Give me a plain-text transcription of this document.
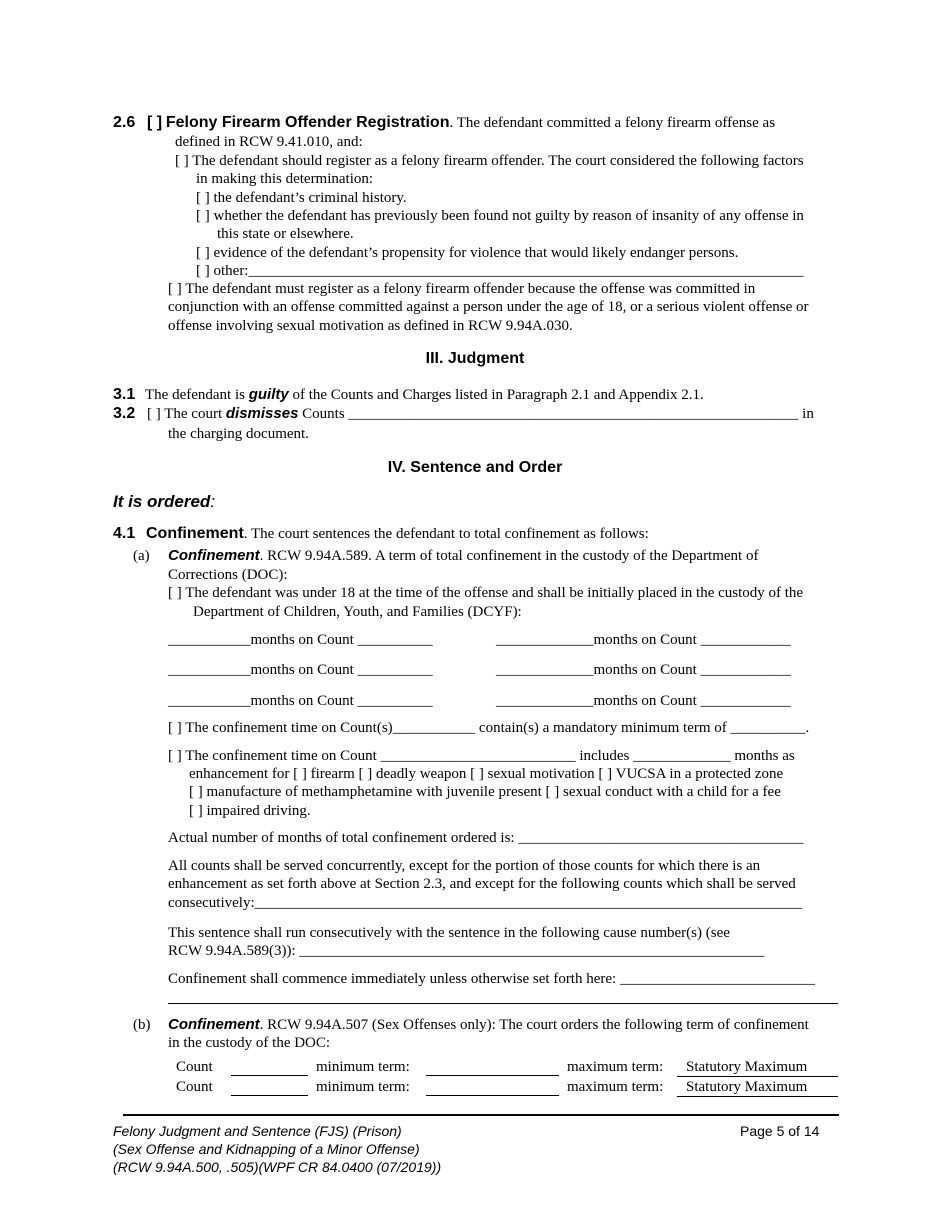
2.6 [ ] Felony Firearm Offender Registration. The defendant committed a felony firearm offense as
defined in RCW 9.41.010, and:
[ ] The defendant should register as a felony firearm offender. The court considered the following factors
in making this determination:
[ ] the defendant’s criminal history.
[ ] whether the defendant has previously been found not guilty by reason of insanity of any offense in
this state or elsewhere.
[ ] evidence of the defendant’s propensity for violence that would likely endanger persons.
[ ] other:__________________________________________________________________________
[ ] The defendant must register as a felony firearm offender because the offense was committed in
conjunction with an offense committed against a person under the age of 18, or a serious violent offense or
offense involving sexual motivation as defined in RCW 9.94A.030.
III. Judgment
3.1 The defendant is guilty of the Counts and Charges listed in Paragraph 2.1 and Appendix 2.1.
3.2 [ ] The court dismisses Counts ____________________________________________________________ in
the charging document.
IV. Sentence and Order
It is ordered:
4.1 Confinement. The court sentences the defendant to total confinement as follows:
(a) Confinement. RCW 9.94A.589. A term of total confinement in the custody of the Department of
Corrections (DOC):
[ ] The defendant was under 18 at the time of the offense and shall be initially placed in the custody of the
Department of Children, Youth, and Families (DCYF):
___________months on Count __________	_____________months on Count ____________
___________months on Count __________	_____________months on Count ____________
___________months on Count __________	_____________months on Count ____________
[ ] The confinement time on Count(s)___________ contain(s) a mandatory minimum term of __________.
[ ] The confinement time on Count __________________________ includes _____________ months as
enhancement for [ ] firearm [ ] deadly weapon [ ] sexual motivation [ ] VUCSA in a protected zone
[ ] manufacture of methamphetamine with juvenile present [ ] sexual conduct with a child for a fee
[ ] impaired driving.
Actual number of months of total confinement ordered is: ______________________________________
All counts shall be served concurrently, except for the portion of those counts for which there is an
enhancement as set forth above at Section 2.3, and except for the following counts which shall be served
consecutively:_________________________________________________________________________
This sentence shall run consecutively with the sentence in the following cause number(s) (see
RCW 9.94A.589(3)): ______________________________________________________________
Confinement shall commence immediately unless otherwise set forth here: __________________________
(b) Confinement. RCW 9.94A.507 (Sex Offenses only): The court orders the following term of confinement
in the custody of the DOC:
Count	minimum term:	maximum term:	Statutory Maximum
Count	minimum term:	maximum term:	Statutory Maximum
Felony Judgment and Sentence (FJS) (Prison)
(Sex Offense and Kidnapping of a Minor Offense)
(RCW 9.94A.500, .505)(WPF CR 84.0400 (07/2019))
Page 5 of 14
